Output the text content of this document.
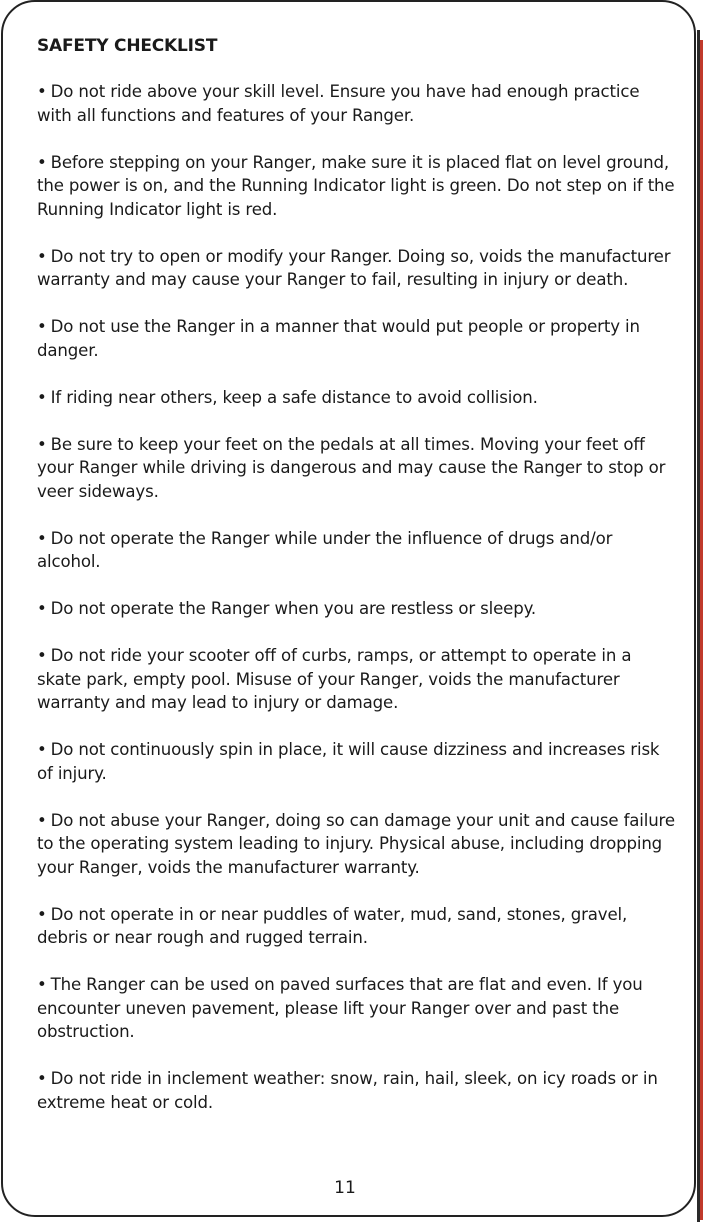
SAFETY CHECKLIST
• Do not ride above your skill level. Ensure you have had enough practice with all functions and features of your Ranger.
• Before stepping on your Ranger, make sure it is placed flat on level ground, the power is on, and the Running Indicator light is green. Do not step on if the Running Indicator light is red.
• Do not try to open or modify your Ranger. Doing so, voids the manufacturer warranty and may cause your Ranger to fail, resulting in injury or death.
• Do not use the Ranger in a manner that would put people or property in danger.
• If riding near others, keep a safe distance to avoid collision.
• Be sure to keep your feet on the pedals at all times. Moving your feet off your Ranger while driving is dangerous and may cause the Ranger to stop or veer sideways.
• Do not operate the Ranger while under the influence of drugs and/or alcohol.
• Do not operate the Ranger when you are restless or sleepy.
• Do not ride your scooter off of curbs, ramps, or attempt to operate in a skate park, empty pool. Misuse of your Ranger, voids the manufacturer warranty and may lead to injury or damage.
• Do not continuously spin in place, it will cause dizziness and increases risk of injury.
• Do not abuse your Ranger, doing so can damage your unit and cause failure to the operating system leading to injury. Physical abuse, including dropping your Ranger, voids the manufacturer warranty.
• Do not operate in or near puddles of water, mud, sand, stones, gravel, debris or near rough and rugged terrain.
• The Ranger can be used on paved surfaces that are flat and even. If you encounter uneven pavement, please lift your Ranger over and past the obstruction.
• Do not ride in inclement weather: snow, rain, hail, sleek, on icy roads or in extreme heat or cold.
11
